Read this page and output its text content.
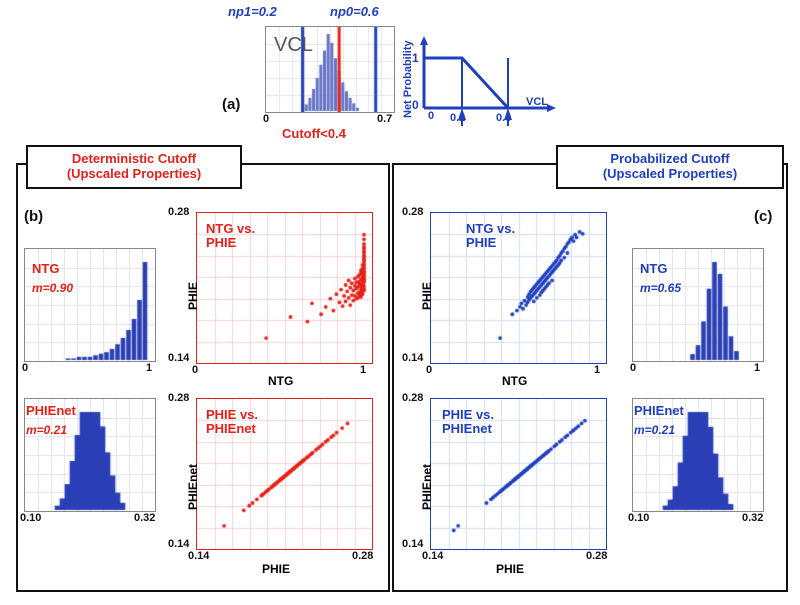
np1=0.2	np0=0.6
VCL
0	0.7
Cutoff<0.4
(a)	Net Probability
1
0
0 0.2	0.6
VCL
Deterministic Cutoff
(Upscaled Properties)
(b)
NTG
m=0.90
0	1
PHIEnet
m=0.21
0.10	0.32
NTG vs.
PHIE
0.28
0.14
0	1
NTG
PHIE
PHIE vs.
PHIEnet
0.28
0.14
0.14	0.28
PHIE
PHIEnet
Probabilized Cutoff
(Upscaled Properties)
(c)
NTG vs.
PHIE
0.28
0.14
0	1
NTG
PHIE
PHIE vs.
PHIEnet
0.28
0.14
0.14	0.28
PHIE
PHIEnet
NTG
m=0.65
0	1
PHIEnet
m=0.21
0.10	0.32
